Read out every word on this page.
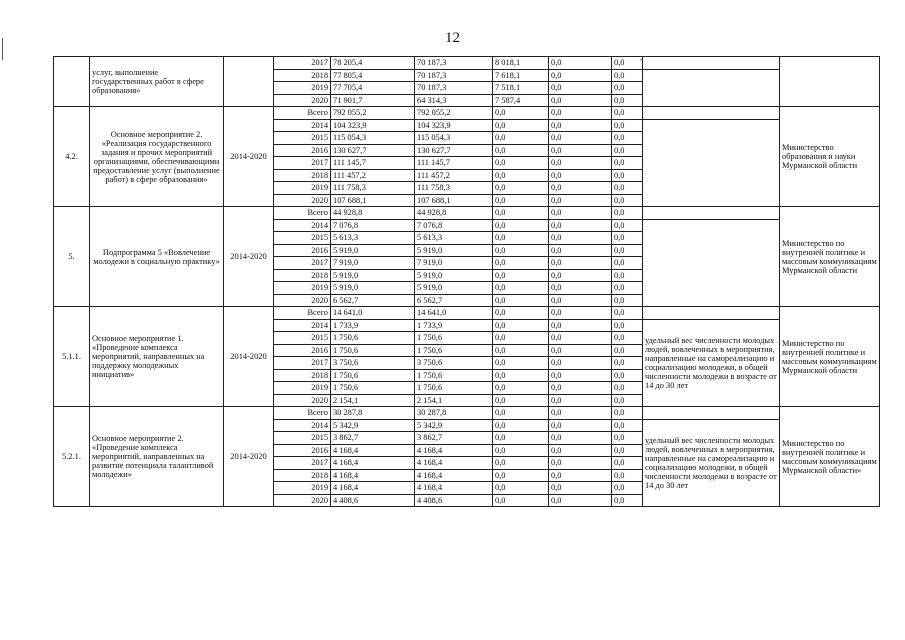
12
-
	услуг, выполнение государственных работ в сфере образования»		2017	78 205,4	70 187,3	8 018,1	0,0	0,0		
			2018	77 805,4	70 187,3	7 618,1	0,0	0,0		
			2019	77 705,4	70 187,3	7 518,1	0,0	0,0		
			2020	71 901,7	64 314,3	7 587,4	0,0	0,0		
4.2.	Основное мероприятие 2. «Реализация государственного задания и прочих мероприятий организациями, обеспечивающими предоставление услуг (выполнение работ) в сфере образования»	2014-2020	Всего	792 055,2	792 055,2	0,0	0,0	0,0		Министерство образования и науки Мурманской области
			2014	104 323,9	104 323,9	0,0	0,0	0,0		
			2015	115 054,3	115 054,3	0,0	0,0	0,0		
			2016	130 627,7	130 627,7	0,0	0,0	0,0		
			2017	111 145,7	111 145,7	0,0	0,0	0,0		
			2018	111 457,2	111 457,2	0,0	0,0	0,0		
			2019	111 758,3	111 758,3	0,0	0,0	0,0		
			2020	107 688,1	107 688,1	0,0	0,0	0,0		
5.	Подпрограмма 5 «Вовлечение молодежи в социальную практику»	2014-2020	Всего	44 928,8	44 928,8	0,0	0,0	0,0		Министерство по внутренней политике и массовым коммуникациям Мурманской области
			2014	7 076,8	7 076,8	0,0	0,0	0,0		
			2015	5 613,3	5 613,3	0,0	0,0	0,0		
			2016	5 919,0	5 919,0	0,0	0,0	0,0		
			2017	7 919,0	7 919,0	0,0	0,0	0,0		
			2018	5 919,0	5 919,0	0,0	0,0	0,0		
			2019	5 919,0	5 919,0	0,0	0,0	0,0		
			2020	6 562,7	6 562,7	0,0	0,0	0,0		
5.1.1.	Основное мероприятие 1. «Проведение комплекса мероприятий, направленных на поддержку молодежных инициатив»	2014-2020	Всего	14 641,0	14 641,0	0,0	0,0	0,0		Министерство по внутренней политике и массовым коммуникациям Мурманской области
			2014	1 733,9	1 733,9	0,0	0,0	0,0	удельный вес численности молодых людей, вовлеченных в мероприятия, направленные на самореализацию и социализацию молодежи, в общей численности молодежи в возрасте от 14 до 30 лет	
			2015	1 750,6	1 750,6	0,0	0,0	0,0		
			2016	1 750,6	1 750,6	0,0	0,0	0,0		
			2017	3 750,6	3 750,6	0,0	0,0	0,0		
			2018	1 750,6	1 750,6	0,0	0,0	0,0		
			2019	1 750,6	1 750,6	0,0	0,0	0,0		
			2020	2 154,1	2 154,1	0,0	0,0	0,0		
5.2.1.	Основное мероприятие 2. «Проведение комплекса мероприятий, направленных на развитие потенциала талантливой молодежи»	2014-2020	Всего	30 287,8	30 287,8	0,0	0,0	0,0		Министерство по внутренней политике и массовым коммуникациям Мурманской области»
			2014	5 342,9	5 342,9	0,0	0,0	0,0	удельный вес численности молодых людей, вовлеченных в мероприятия, направленные на самореализацию и социализацию молодежи, в общей численности молодежи в возрасте от 14 до 30 лет	
			2015	3 862,7	3 862,7	0,0	0,0	0,0		
			2016	4 168,4	4 168,4	0,0	0,0	0,0		
			2017	4 168,4	4 168,4	0,0	0,0	0,0		
			2018	4 168,4	4 168,4	0,0	0,0	0,0		
			2019	4 168,4	4 168,4	0,0	0,0	0,0		
			2020	4 408,6	4 408,6	0,0	0,0	0,0		
